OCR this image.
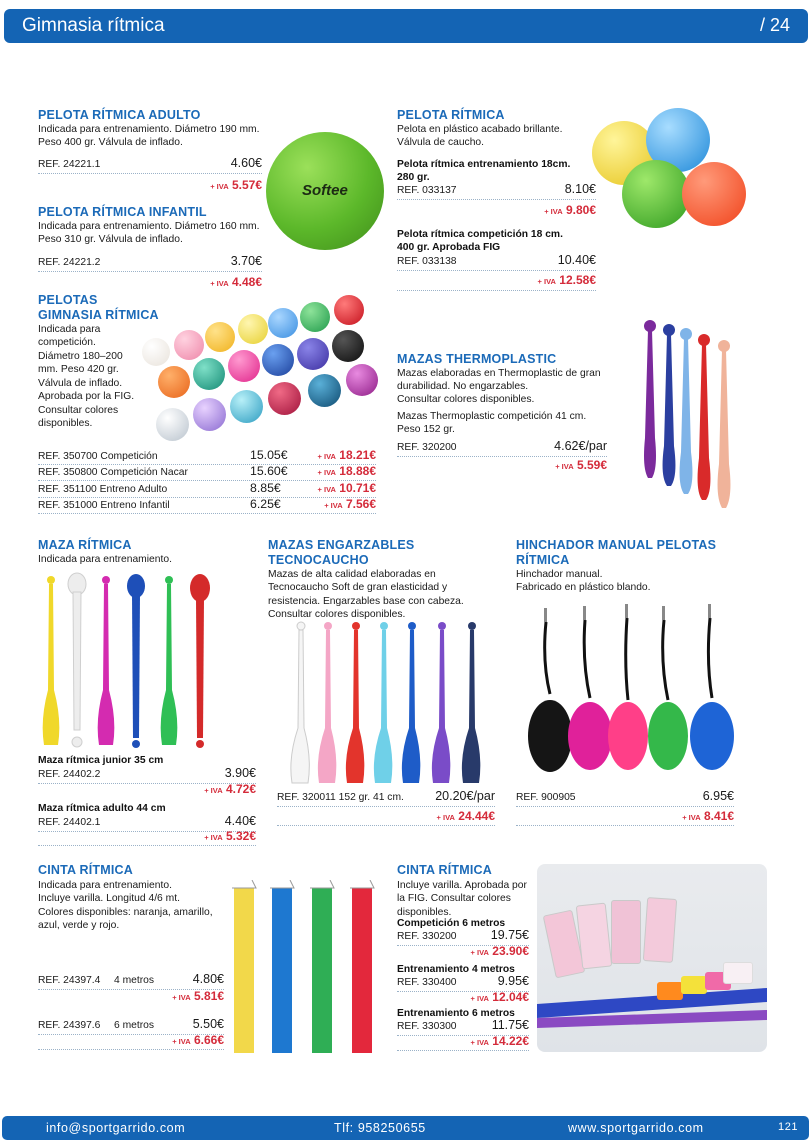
Gimnasia rítmica	/ 24
PELOTA RÍTMICA ADULTO
Indicada para entrenamiento. Diámetro 190 mm.
Peso 400 gr. Válvula de inflado.
REF. 24221.1	4.60€
+ IVA 5.57€	Softee
PELOTA RÍTMICA INFANTIL
Indicada para entrenamiento. Diámetro 160 mm.
Peso 310 gr. Válvula de inflado.
REF. 24221.2	3.70€
+ IVA 4.48€
PELOTAS
GIMNASIA RÍTMICA
Indicada para
competición.
Diámetro 180–200
mm. Peso 420 gr.
Válvula de inflado.
Aprobada por la FIG.
Consultar colores
disponibles.
REF. 350700 Competición	15.05€	+ IVA 18.21€
REF. 350800 Competición Nacar	15.60€	+ IVA 18.88€
REF. 351100 Entreno Adulto	8.85€	+ IVA 10.71€
REF. 351000 Entreno Infantil	6.25€	+ IVA 7.56€
PELOTA RÍTMICA
Pelota en plástico acabado brillante.
Válvula de caucho.
Pelota rítmica entrenamiento 18cm.
280 gr.
REF. 033137	8.10€
+ IVA 9.80€
Pelota rítmica competición 18 cm.
400 gr. Aprobada FIG
REF. 033138	10.40€
+ IVA 12.58€
MAZAS THERMOPLASTIC
Mazas elaboradas en Thermoplastic de gran
durabilidad. No engarzables.
Consultar colores disponibles.
Mazas Thermoplastic competición 41 cm.
Peso 152 gr.
REF. 320200	4.62€/par
+ IVA 5.59€
MAZA RÍTMICA
Indicada para entrenamiento.
Maza rítmica junior 35 cm
REF. 24402.2	3.90€
+ IVA 4.72€
Maza rítmica adulto 44 cm
REF. 24402.1	4.40€
+ IVA 5.32€
MAZAS ENGARZABLES
TECNOCAUCHO
Mazas de alta calidad elaboradas en
Tecnocaucho Soft de gran elasticidad y
resistencia. Engarzables base con cabeza.
Consultar colores disponibles.
REF. 320011 152 gr. 41 cm.	20.20€/par
+ IVA 24.44€
HINCHADOR MANUAL PELOTAS
RÍTMICA
Hinchador manual.
Fabricado en plástico blando.
REF. 900905	6.95€
+ IVA 8.41€
CINTA RÍTMICA
Indicada para entrenamiento.
Incluye varilla. Longitud 4/6 mt.
Colores disponibles: naranja, amarillo,
azul, verde y rojo.
REF. 24397.4 4 metros	4.80€
+ IVA 5.81€
REF. 24397.6 6 metros	5.50€
+ IVA 6.66€
CINTA RÍTMICA
Incluye varilla. Aprobada por
la FIG. Consultar colores
disponibles.
Competición 6 metros
REF. 330200	19.75€
+ IVA 23.90€
Entrenamiento 4 metros
REF. 330400	9.95€
+ IVA 12.04€
Entrenamiento 6 metros
REF. 330300	11.75€
+ IVA 14.22€
info@sportgarrido.com	Tlf: 958250655	www.sportgarrido.com	121
